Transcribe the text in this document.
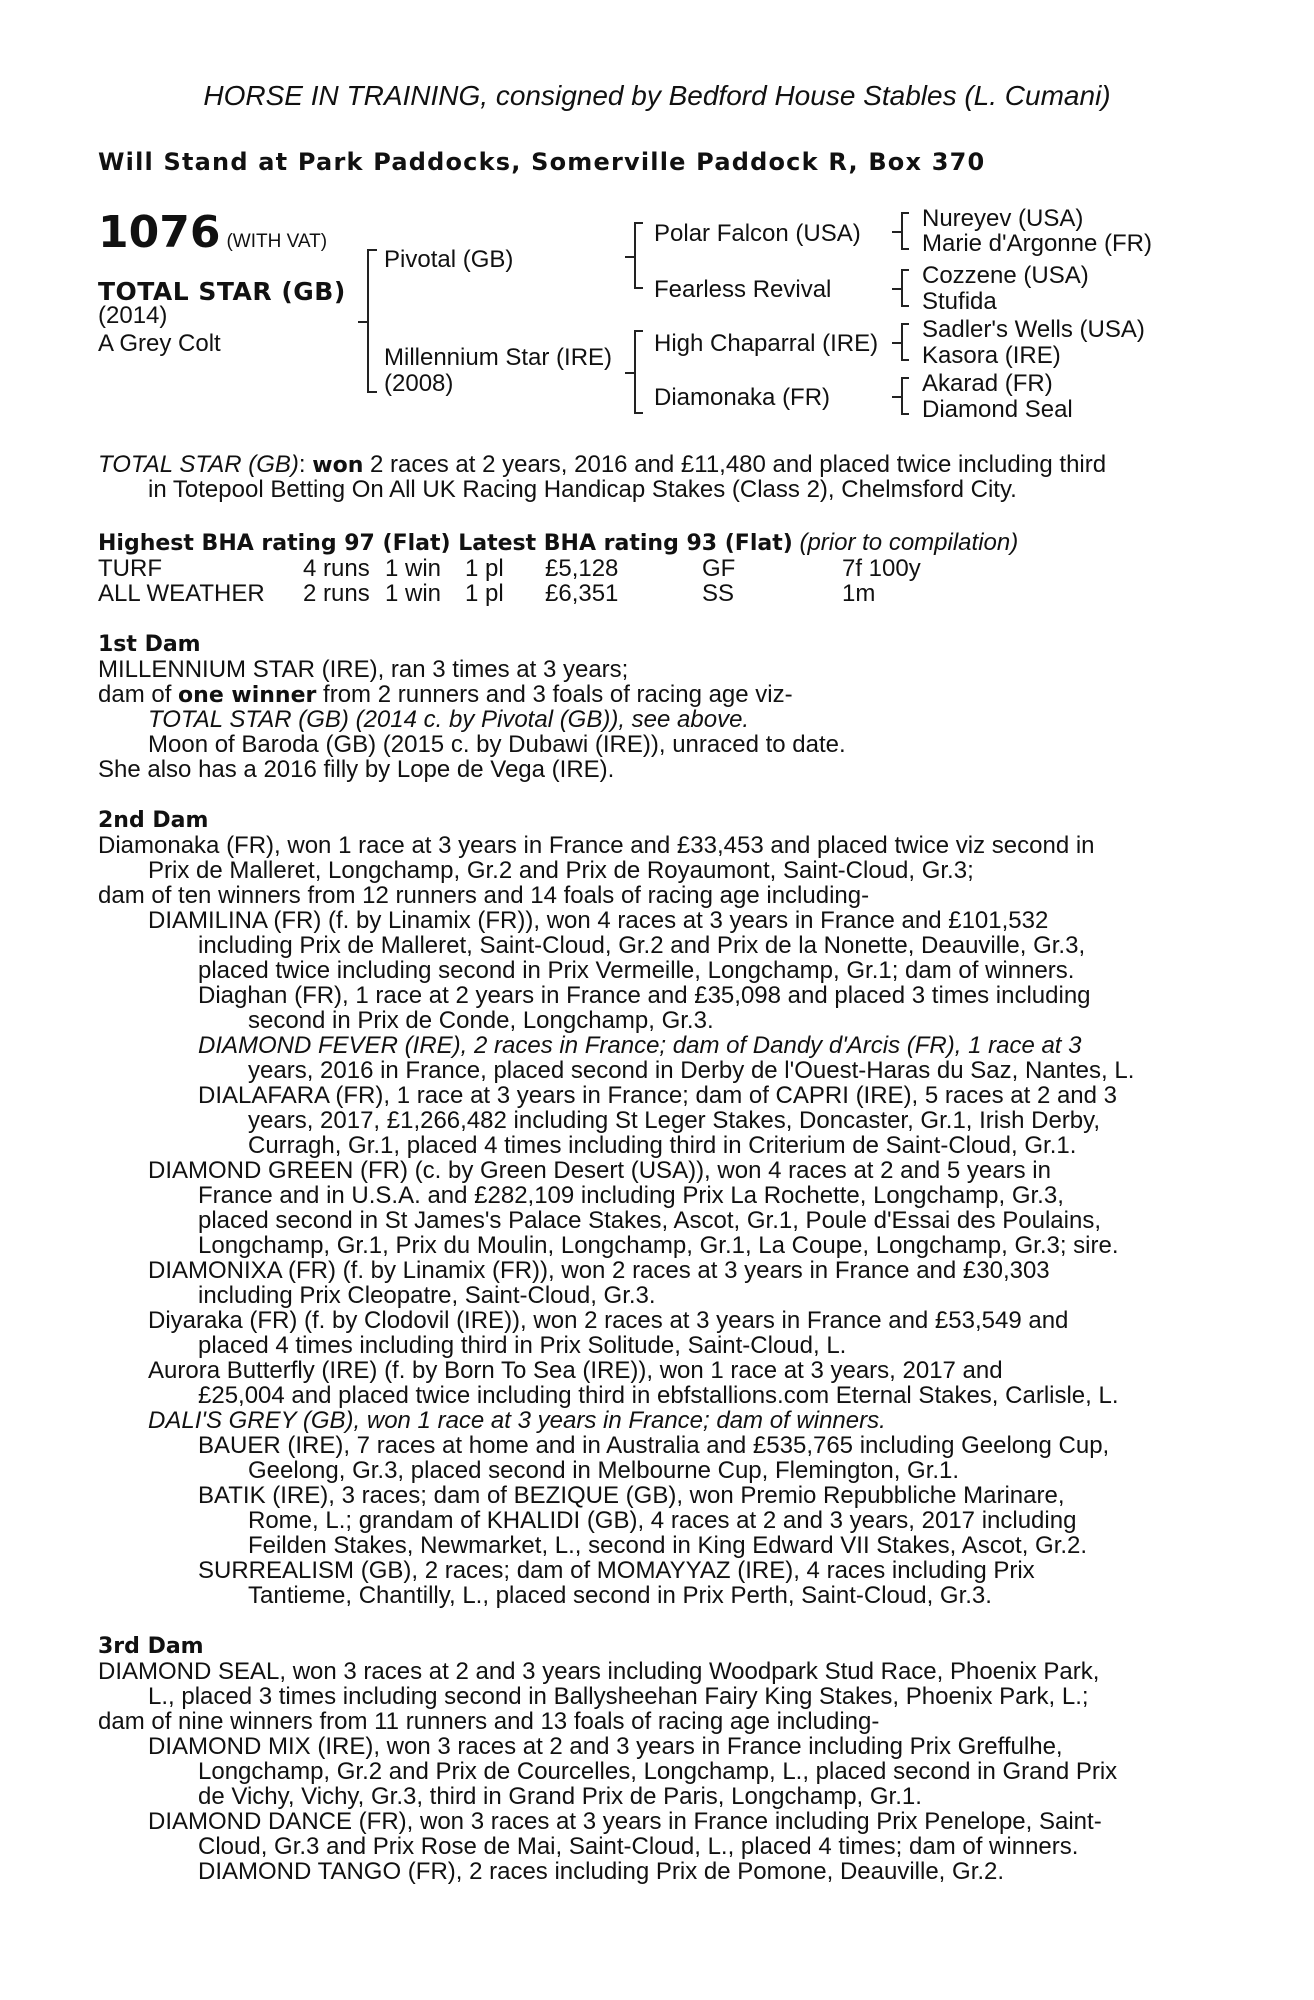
HORSE IN TRAINING, consigned by Bedford House Stables (L. Cumani)
Will Stand at Park Paddocks, Somerville Paddock R, Box 370
1076 (WITH VAT)
TOTAL STAR (GB)
(2014)
A Grey Colt
Pivotal (GB)
Millennium Star (IRE)
(2008)
Polar Falcon (USA)
Fearless Revival
High Chaparral (IRE)
Diamonaka (FR)
Nureyev (USA)
Marie d'Argonne (FR)
Cozzene (USA)
Stufida
Sadler's Wells (USA)
Kasora (IRE)
Akarad (FR)
Diamond Seal
TOTAL STAR (GB): won 2 races at 2 years, 2016 and £11,480 and placed twice including third
in Totepool Betting On All UK Racing Handicap Stakes (Class 2), Chelmsford City.
Highest BHA rating 97 (Flat) Latest BHA rating 93 (Flat) (prior to compilation)
TURF	4 runs 1 win 1 pl £5,128	GF	7f 100y
ALL WEATHER 2 runs 1 win 1 pl £6,351	SS	1m
1st Dam
MILLENNIUM STAR (IRE), ran 3 times at 3 years;
dam of one winner from 2 runners and 3 foals of racing age viz-
TOTAL STAR (GB) (2014 c. by Pivotal (GB)), see above.
Moon of Baroda (GB) (2015 c. by Dubawi (IRE)), unraced to date.
She also has a 2016 filly by Lope de Vega (IRE).
2nd Dam
Diamonaka (FR), won 1 race at 3 years in France and £33,453 and placed twice viz second in
Prix de Malleret, Longchamp, Gr.2 and Prix de Royaumont, Saint-Cloud, Gr.3;
dam of ten winners from 12 runners and 14 foals of racing age including-
DIAMILINA (FR) (f. by Linamix (FR)), won 4 races at 3 years in France and £101,532
including Prix de Malleret, Saint-Cloud, Gr.2 and Prix de la Nonette, Deauville, Gr.3,
placed twice including second in Prix Vermeille, Longchamp, Gr.1; dam of winners.
Diaghan (FR), 1 race at 2 years in France and £35,098 and placed 3 times including
second in Prix de Conde, Longchamp, Gr.3.
DIAMOND FEVER (IRE), 2 races in France; dam of Dandy d'Arcis (FR), 1 race at 3
years, 2016 in France, placed second in Derby de l'Ouest-Haras du Saz, Nantes, L.
DIALAFARA (FR), 1 race at 3 years in France; dam of CAPRI (IRE), 5 races at 2 and 3
years, 2017, £1,266,482 including St Leger Stakes, Doncaster, Gr.1, Irish Derby,
Curragh, Gr.1, placed 4 times including third in Criterium de Saint-Cloud, Gr.1.
DIAMOND GREEN (FR) (c. by Green Desert (USA)), won 4 races at 2 and 5 years in
France and in U.S.A. and £282,109 including Prix La Rochette, Longchamp, Gr.3,
placed second in St James's Palace Stakes, Ascot, Gr.1, Poule d'Essai des Poulains,
Longchamp, Gr.1, Prix du Moulin, Longchamp, Gr.1, La Coupe, Longchamp, Gr.3; sire.
DIAMONIXA (FR) (f. by Linamix (FR)), won 2 races at 3 years in France and £30,303
including Prix Cleopatre, Saint-Cloud, Gr.3.
Diyaraka (FR) (f. by Clodovil (IRE)), won 2 races at 3 years in France and £53,549 and
placed 4 times including third in Prix Solitude, Saint-Cloud, L.
Aurora Butterfly (IRE) (f. by Born To Sea (IRE)), won 1 race at 3 years, 2017 and
£25,004 and placed twice including third in ebfstallions.com Eternal Stakes, Carlisle, L.
DALI'S GREY (GB), won 1 race at 3 years in France; dam of winners.
BAUER (IRE), 7 races at home and in Australia and £535,765 including Geelong Cup,
Geelong, Gr.3, placed second in Melbourne Cup, Flemington, Gr.1.
BATIK (IRE), 3 races; dam of BEZIQUE (GB), won Premio Repubbliche Marinare,
Rome, L.; grandam of KHALIDI (GB), 4 races at 2 and 3 years, 2017 including
Feilden Stakes, Newmarket, L., second in King Edward VII Stakes, Ascot, Gr.2.
SURREALISM (GB), 2 races; dam of MOMAYYAZ (IRE), 4 races including Prix
Tantieme, Chantilly, L., placed second in Prix Perth, Saint-Cloud, Gr.3.
3rd Dam
DIAMOND SEAL, won 3 races at 2 and 3 years including Woodpark Stud Race, Phoenix Park,
L., placed 3 times including second in Ballysheehan Fairy King Stakes, Phoenix Park, L.;
dam of nine winners from 11 runners and 13 foals of racing age including-
DIAMOND MIX (IRE), won 3 races at 2 and 3 years in France including Prix Greffulhe,
Longchamp, Gr.2 and Prix de Courcelles, Longchamp, L., placed second in Grand Prix
de Vichy, Vichy, Gr.3, third in Grand Prix de Paris, Longchamp, Gr.1.
DIAMOND DANCE (FR), won 3 races at 3 years in France including Prix Penelope, Saint-
Cloud, Gr.3 and Prix Rose de Mai, Saint-Cloud, L., placed 4 times; dam of winners.
DIAMOND TANGO (FR), 2 races including Prix de Pomone, Deauville, Gr.2.
